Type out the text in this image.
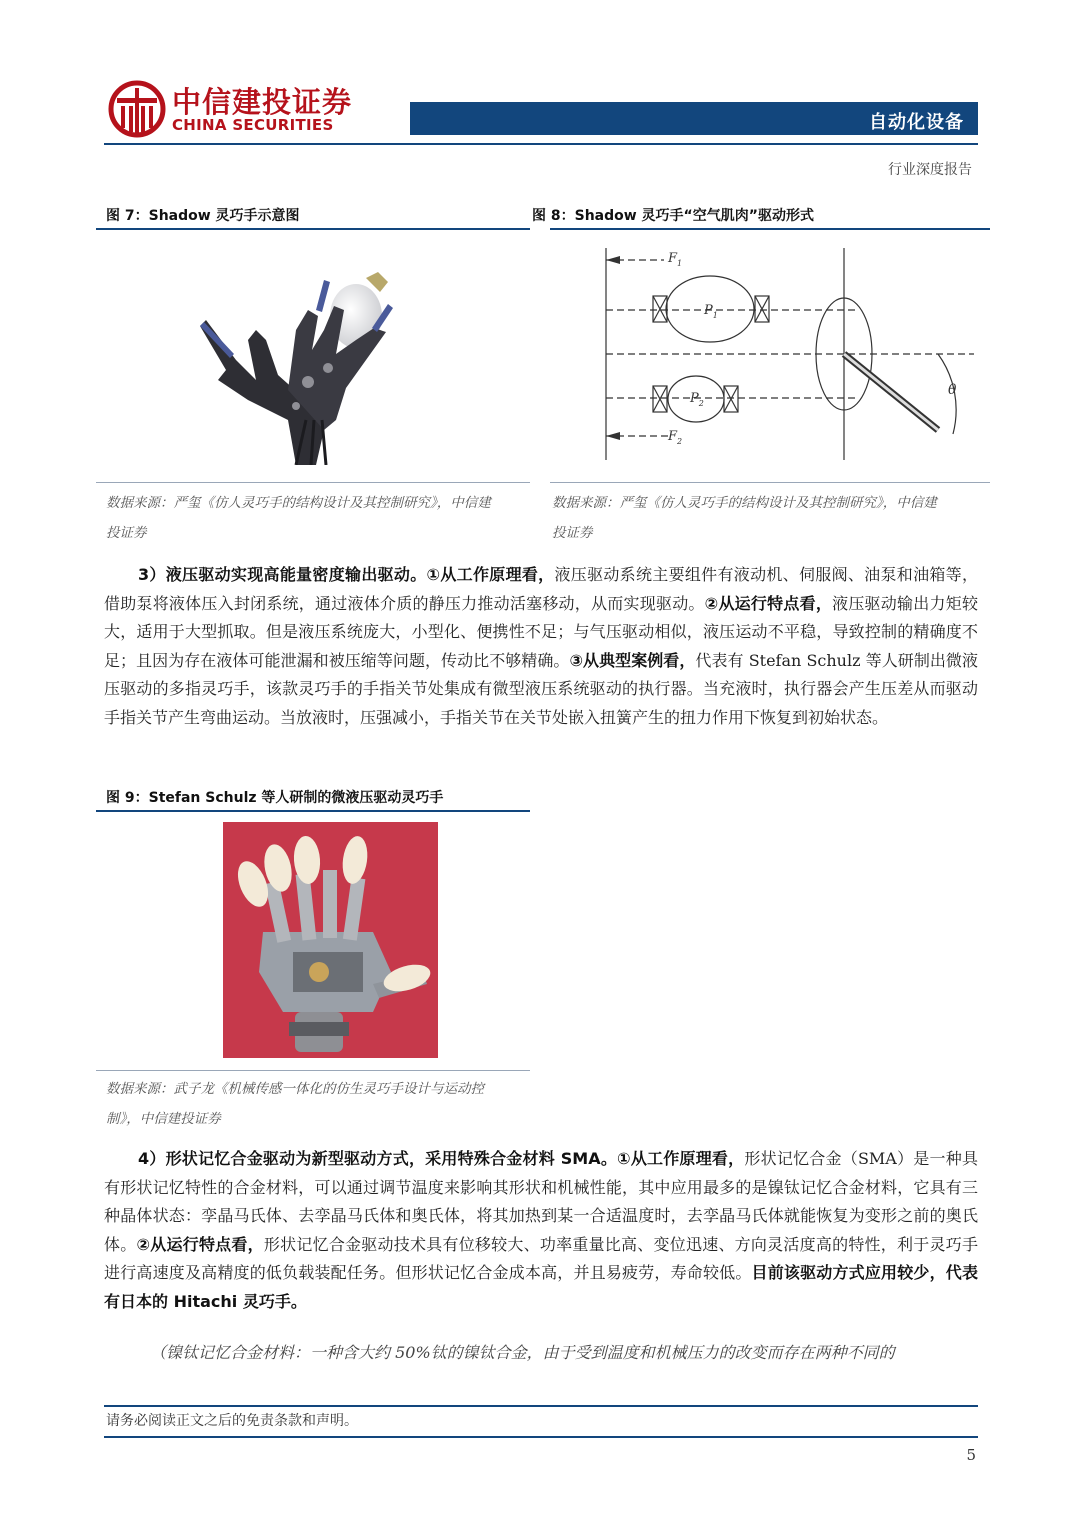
中信建投证券
CHINA SECURITIES	自动化设备
行业深度报告
图 7：Shadow 灵巧手示意图
数据来源：严玺《仿人灵巧手的结构设计及其控制研究》，中信建
投证券
图 8：Shadow 灵巧手“空气肌肉”驱动形式
$F_1$
$P_1$
$P_2$
$F_2$
θ
数据来源：严玺《仿人灵巧手的结构设计及其控制研究》，中信建
投证券
3）液压驱动实现高能量密度输出驱动。①从工作原理看，液压驱动系统主要组件有液动机、伺服阀、油泵和油箱等，借助泵将液体压入封闭系统，通过液体介质的静压力推动活塞移动，从而实现驱动。②从运行特点看，液压驱动输出力矩较大，适用于大型抓取。但是液压系统庞大，小型化、便携性不足；与气压驱动相似，液压运动不平稳，导致控制的精确度不足；且因为存在液体可能泄漏和被压缩等问题，传动比不够精确。③从典型案例看，代表有 Stefan Schulz 等人研制出微液压驱动的多指灵巧手，该款灵巧手的手指关节处集成有微型液压系统驱动的执行器。当充液时，执行器会产生压差从而驱动手指关节产生弯曲运动。当放液时，压强减小，手指关节在关节处嵌入扭簧产生的扭力作用下恢复到初始状态。
图 9：Stefan Schulz 等人研制的微液压驱动灵巧手
数据来源：武子龙《机械传感一体化的仿生灵巧手设计与运动控
制》，中信建投证券
4）形状记忆合金驱动为新型驱动方式，采用特殊合金材料 SMA。①从工作原理看，形状记忆合金（SMA）是一种具有形状记忆特性的合金材料，可以通过调节温度来影响其形状和机械性能，其中应用最多的是镍钛记忆合金材料，它具有三种晶体状态：孪晶马氏体、去孪晶马氏体和奥氏体，将其加热到某一合适温度时，去孪晶马氏体就能恢复为变形之前的奥氏体。②从运行特点看，形状记忆合金驱动技术具有位移较大、功率重量比高、变位迅速、方向灵活度高的特性，利于灵巧手进行高速度及高精度的低负载装配任务。但形状记忆合金成本高，并且易疲劳，寿命较低。目前该驱动方式应用较少，代表有日本的 Hitachi 灵巧手。
（镍钛记忆合金材料：一种含大约 50%钛的镍钛合金，由于受到温度和机械压力的改变而存在两种不同的
请务必阅读正文之后的免责条款和声明。
5
